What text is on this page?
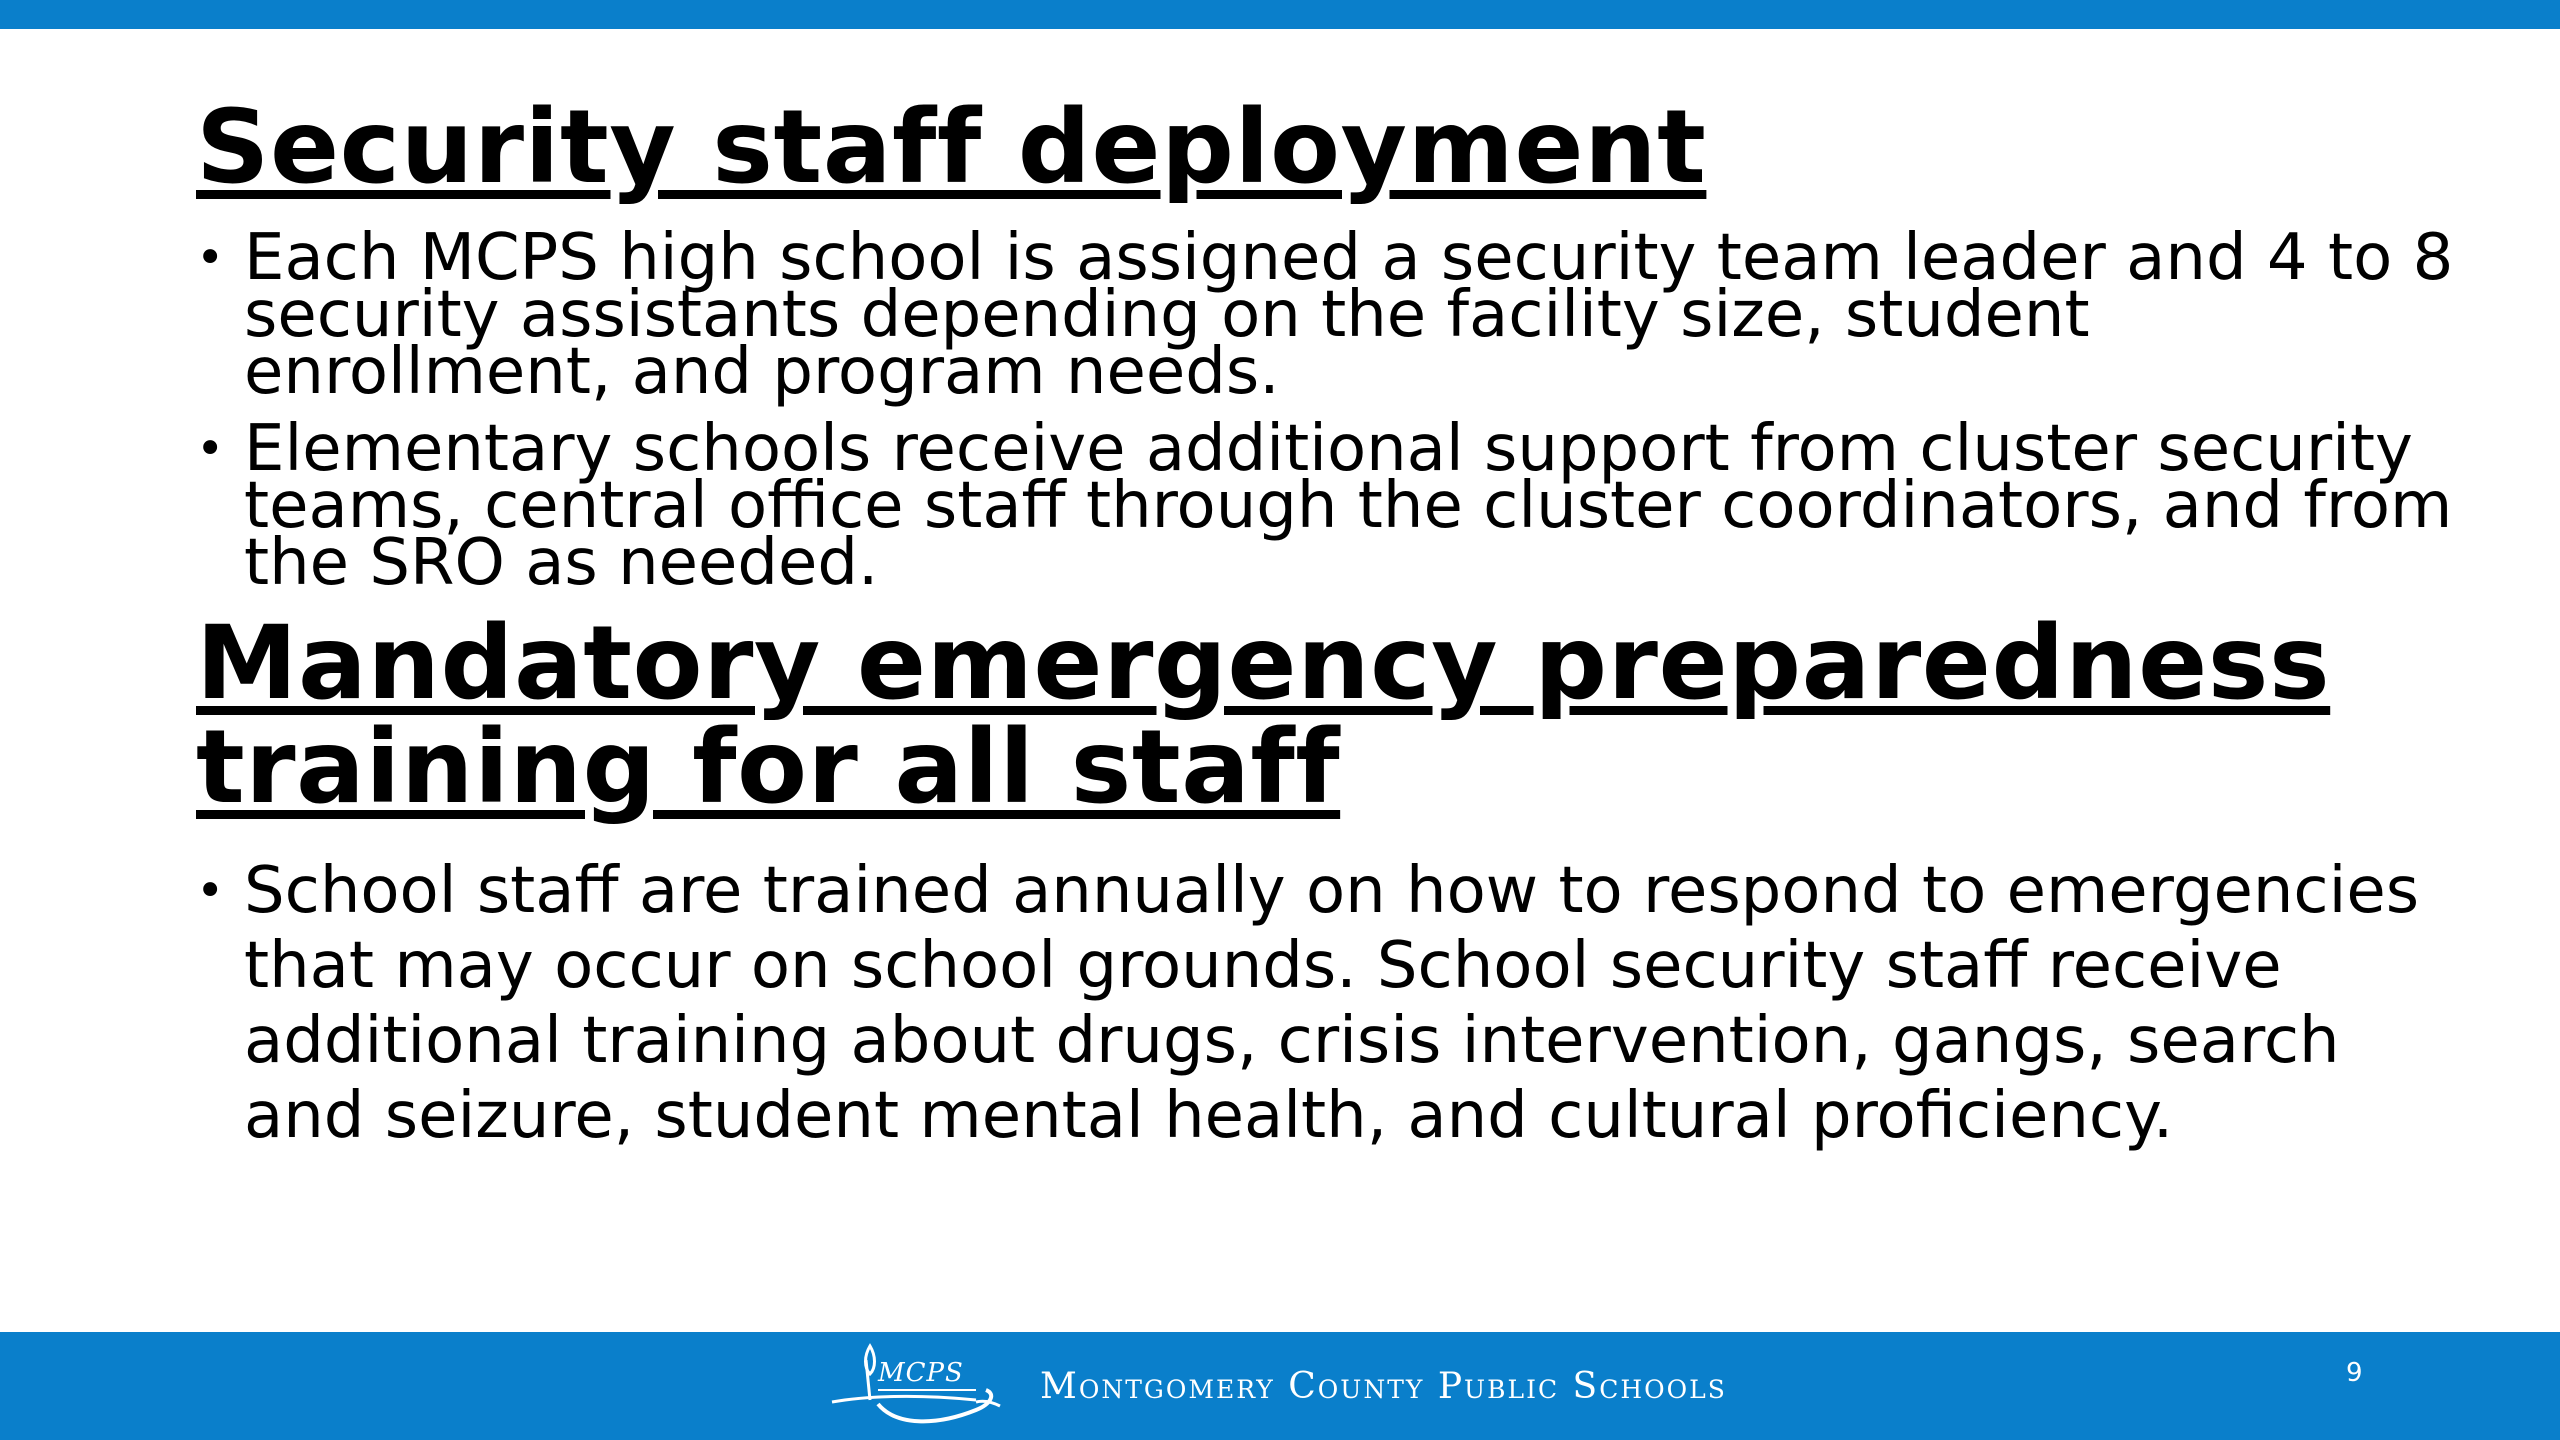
Security staff deployment
• Each MCPS high school is assigned a security team leader and 4 to 8 security assistants depending on the facility size, student enrollment, and program needs.
• Elementary schools receive additional support from cluster security teams, central office staff through the cluster coordinators, and from the SRO as needed.
Mandatory emergency preparedness training for all staff
• School staff are trained annually on how to respond to emergencies that may occur on school grounds. School security staff receive additional training about drugs, crisis intervention, gangs, search and seizure, student mental health, and cultural proficiency.
MCPS Montgomery County Public Schools	9
